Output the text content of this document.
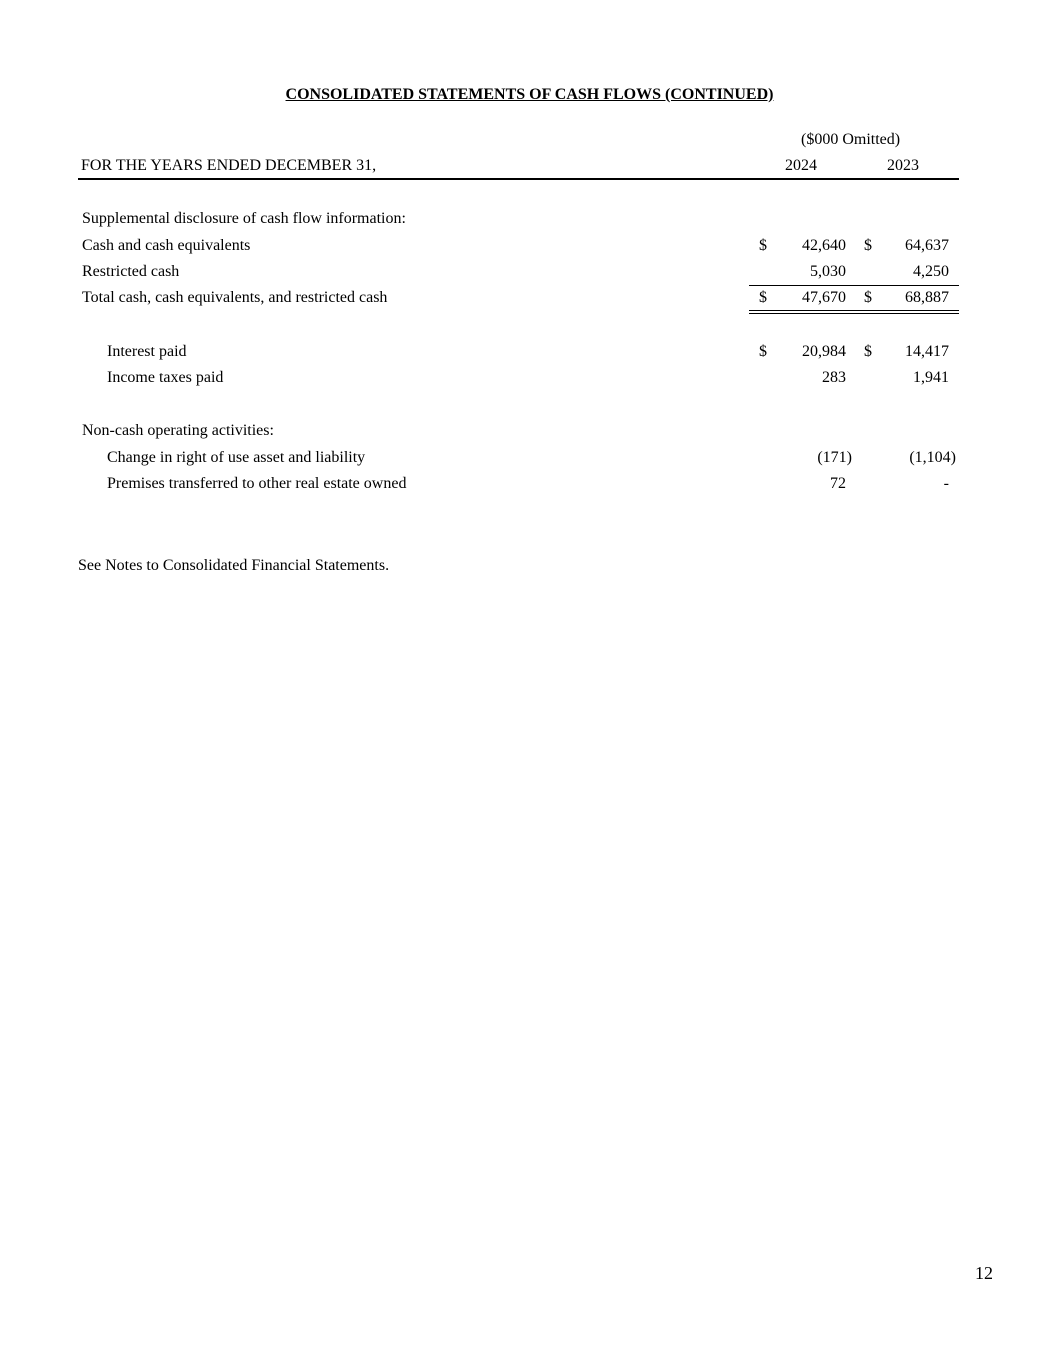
CONSOLIDATED STATEMENTS OF CASH FLOWS (CONTINUED)
($000 Omitted)
FOR THE YEARS ENDED DECEMBER 31,	2024	2023
Supplemental disclosure of cash flow information:
Cash and cash equivalents	$ 42,640 $ 64,637
Restricted cash	5,030	4,250
Total cash, cash equivalents, and restricted cash	$ 47,670 $ 68,887
Interest paid	$ 20,984 $ 14,417
Income taxes paid	283	1,941
Non-cash operating activities:
Change in right of use asset and liability	(171)	(1,104)
Premises transferred to other real estate owned	72	-
See Notes to Consolidated Financial Statements.
12
